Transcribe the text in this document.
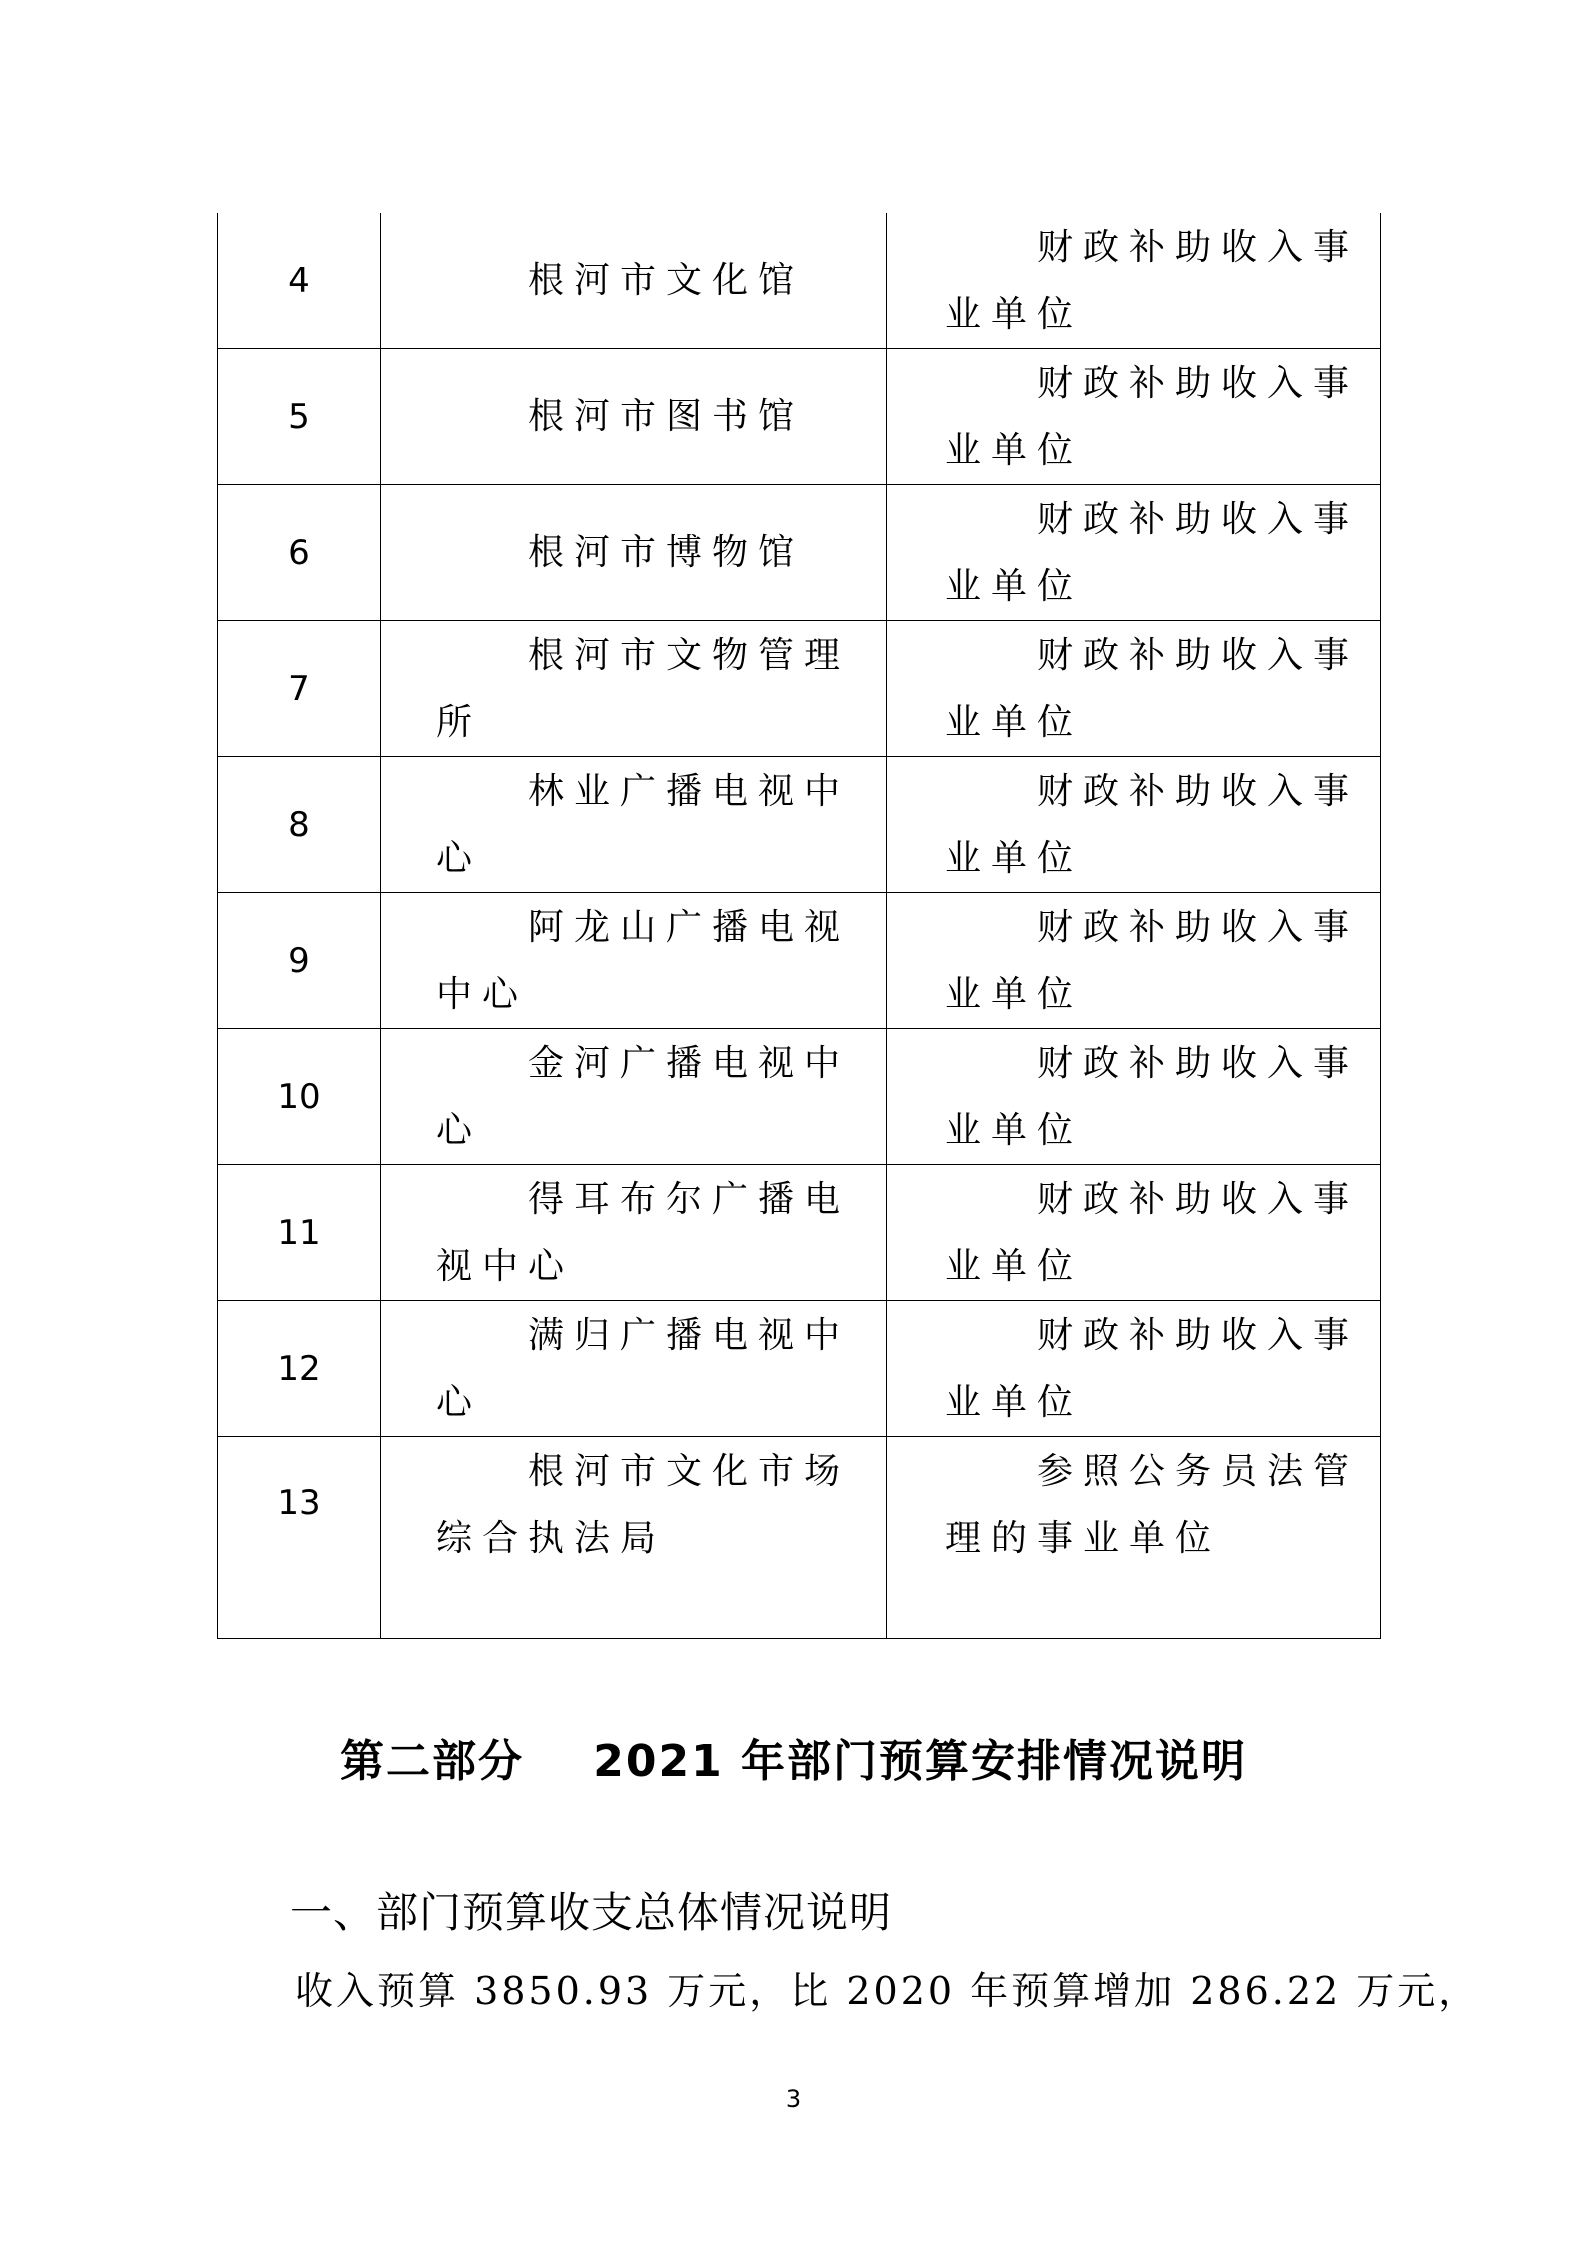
4	根河市文化馆	财政补助收入事业单位
5	根河市图书馆	财政补助收入事业单位
6	根河市博物馆	财政补助收入事业单位
7	根河市文物管理所	财政补助收入事业单位
8	林业广播电视中心	财政补助收入事业单位
9	阿龙山广播电视中心	财政补助收入事业单位
10	金河广播电视中心	财政补助收入事业单位
11	得耳布尔广播电视中心	财政补助收入事业单位
12	满归广播电视中心	财政补助收入事业单位
13	根河市文化市场综合执法局	参照公务员法管理的事业单位
第二部分    2021 年部门预算安排情况说明
一、部门预算收支总体情况说明
收入预算 3850.93 万元，比 2020 年预算增加 286.22 万元，
3
